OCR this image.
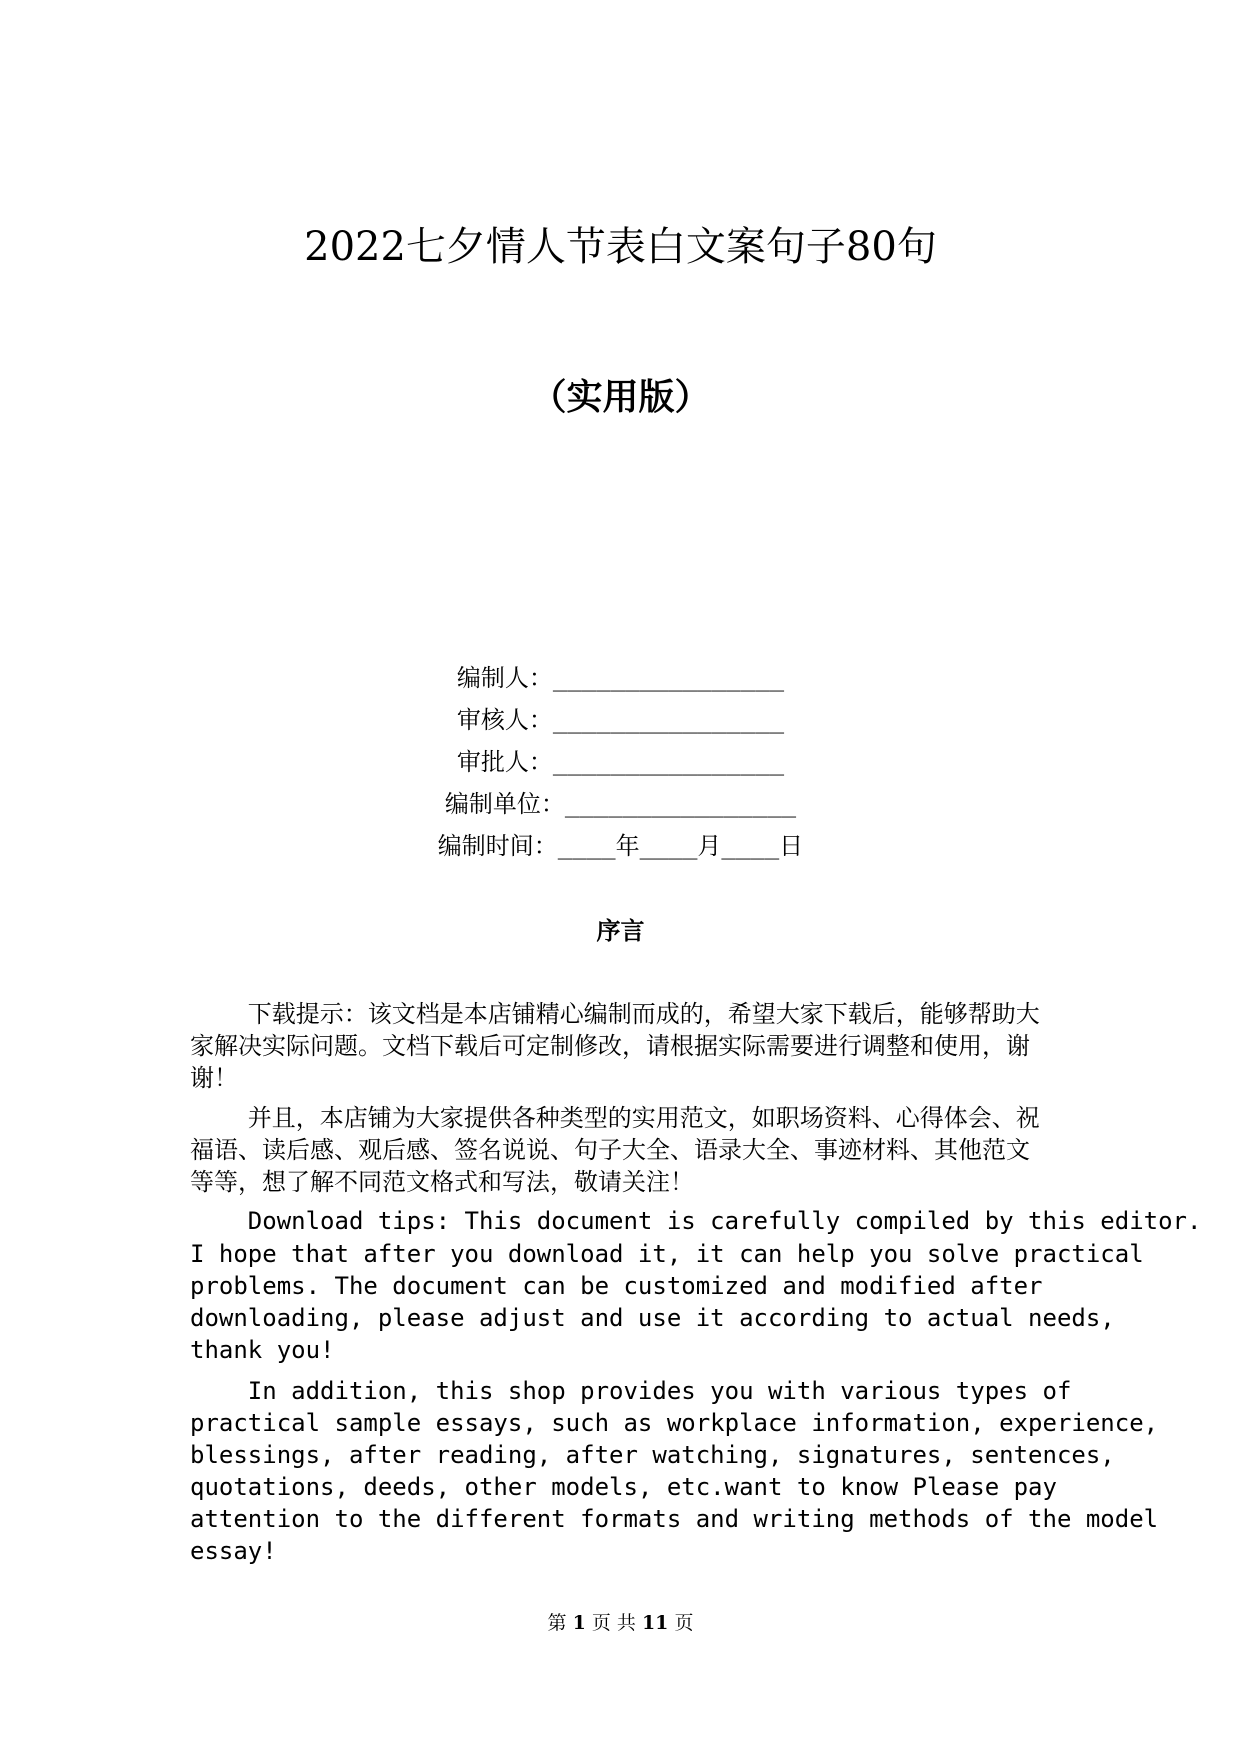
2022七夕情人节表白文案句子80句
（实用版）
编制人：________________
审核人：________________
审批人：________________
编制单位：________________
编制时间：____年____月____日
序言
下载提示：该文档是本店铺精心编制而成的，希望大家下载后，能够帮助大
家解决实际问题。文档下载后可定制修改，请根据实际需要进行调整和使用，谢
谢！
并且，本店铺为大家提供各种类型的实用范文，如职场资料、心得体会、祝
福语、读后感、观后感、签名说说、句子大全、语录大全、事迹材料、其他范文
等等，想了解不同范文格式和写法，敬请关注！
Download tips: This document is carefully compiled by this editor.
I hope that after you download it, it can help you solve practical
problems. The document can be customized and modified after
downloading, please adjust and use it according to actual needs,
thank you!
In addition, this shop provides you with various types of
practical sample essays, such as workplace information, experience,
blessings, after reading, after watching, signatures, sentences,
quotations, deeds, other models, etc.want to know Please pay
attention to the different formats and writing methods of the model
essay!
第 1 页 共 11 页
